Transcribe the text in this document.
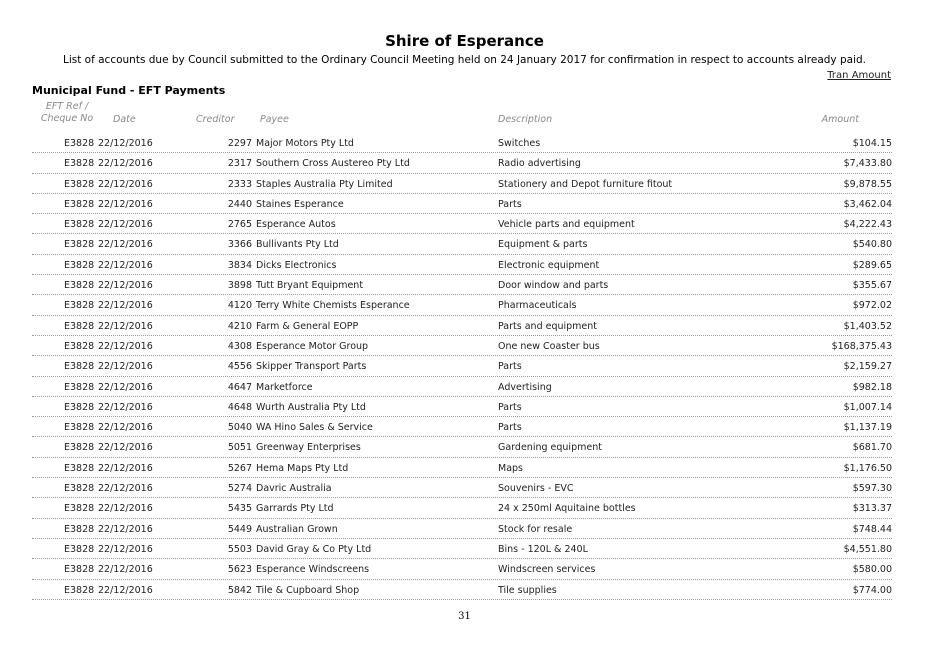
Shire of Esperance
List of accounts due by Council submitted to the Ordinary Council Meeting held on 24 January 2017 for confirmation in respect to accounts already paid.
Tran Amount
Municipal Fund - EFT Payments
EFT Ref /
Cheque No Date	Creditor	Payee	Description	Amount
E3828 22/12/2016	2297 Major Motors Pty Ltd	Switches	$104.15
E3828 22/12/2016	2317 Southern Cross Austereo Pty Ltd	Radio advertising	$7,433.80
E3828 22/12/2016	2333 Staples Australia Pty Limited	Stationery and Depot furniture fitout	$9,878.55
E3828 22/12/2016	2440 Staines Esperance	Parts	$3,462.04
E3828 22/12/2016	2765 Esperance Autos	Vehicle parts and equipment	$4,222.43
E3828 22/12/2016	3366 Bullivants Pty Ltd	Equipment & parts	$540.80
E3828 22/12/2016	3834 Dicks Electronics	Electronic equipment	$289.65
E3828 22/12/2016	3898 Tutt Bryant Equipment	Door window and parts	$355.67
E3828 22/12/2016	4120 Terry White Chemists Esperance	Pharmaceuticals	$972.02
E3828 22/12/2016	4210 Farm & General EOPP	Parts and equipment	$1,403.52
E3828 22/12/2016	4308 Esperance Motor Group	One new Coaster bus	$168,375.43
E3828 22/12/2016	4556 Skipper Transport Parts	Parts	$2,159.27
E3828 22/12/2016	4647 Marketforce	Advertising	$982.18
E3828 22/12/2016	4648 Wurth Australia Pty Ltd	Parts	$1,007.14
E3828 22/12/2016	5040 WA Hino Sales & Service	Parts	$1,137.19
E3828 22/12/2016	5051 Greenway Enterprises	Gardening equipment	$681.70
E3828 22/12/2016	5267 Hema Maps Pty Ltd	Maps	$1,176.50
E3828 22/12/2016	5274 Davric Australia	Souvenirs - EVC	$597.30
E3828 22/12/2016	5435 Garrards Pty Ltd	24 x 250ml Aquitaine bottles	$313.37
E3828 22/12/2016	5449 Australian Grown	Stock for resale	$748.44
E3828 22/12/2016	5503 David Gray & Co Pty Ltd	Bins - 120L & 240L	$4,551.80
E3828 22/12/2016	5623 Esperance Windscreens	Windscreen services	$580.00
E3828 22/12/2016	5842 Tile & Cupboard Shop	Tile supplies	$774.00
31
